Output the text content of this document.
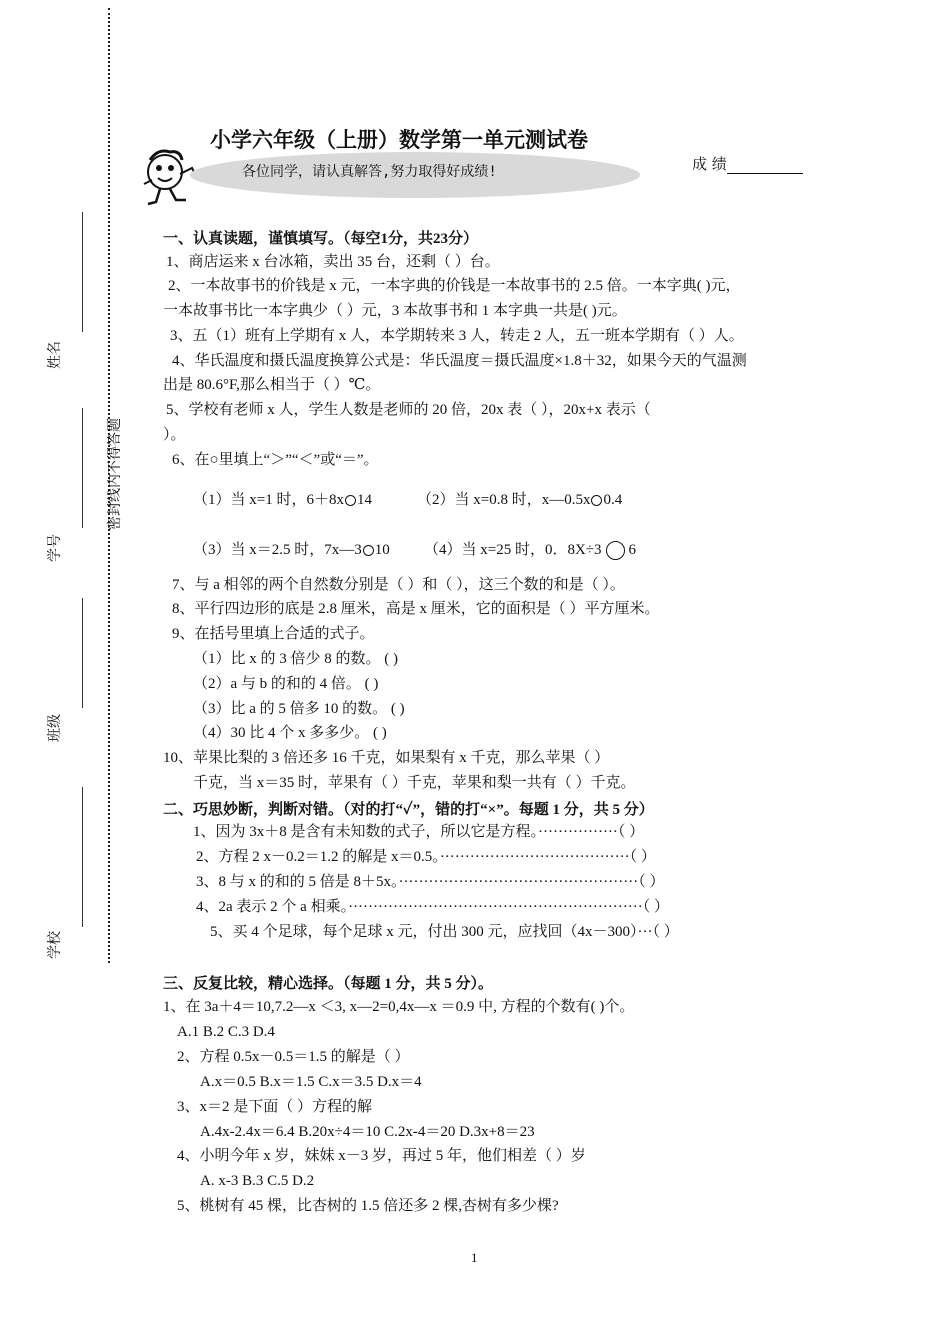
姓名
学号
班级
学校
密封线内不得答题
小学六年级（上册）数学第一单元测试卷
各位同学，请认真解答,努力取得好成绩!	成 绩
一、认真读题，谨慎填写。（每空1分，共23分）
1、商店运来 x 台冰箱，卖出 35 台，还剩（ ）台。
2、一本故事书的价钱是 x 元，一本字典的价钱是一本故事书的 2.5 倍。一本字典( )元，
一本故事书比一本字典少（ ）元，3 本故事书和 1 本字典一共是( )元。
3、五（1）班有上学期有 x 人，本学期转来 3 人，转走 2 人，五一班本学期有（ ）人。
4、华氏温度和摄氏温度换算公式是：华氏温度＝摄氏温度×1.8＋32，如果今天的气温测
出是 80.6°F,那么相当于（ ）℃。
5、学校有老师 x 人，学生人数是老师的 20 倍，20x 表（ ），20x+x 表示（
）。
6、在○里填上“＞”“＜”或“＝”。
（1）当 x=1 时，6＋8x 14	（2）当 x=0.8 时，x—0.5x 0.4
（3）当 x＝2.5 时，7x—3 10 （4）当 x=25 时，0．8X÷3 6
7、与 a 相邻的两个自然数分别是（ ）和（ ），这三个数的和是（ ）。
8、平行四边形的底是 2.8 厘米，高是 x 厘米，它的面积是（ ）平方厘米。
9、在括号里填上合适的式子。
（1）比 x 的 3 倍少 8 的数。 ( )
（2）a 与 b 的和的 4 倍。 ( )
（3）比 a 的 5 倍多 10 的数。 ( )
（4）30 比 4 个 x 多多少。 ( )
10、苹果比梨的 3 倍还多 16 千克，如果梨有 x 千克，那么苹果（ ）
千克，当 x＝35 时，苹果有（ ）千克，苹果和梨一共有（ ）千克。
二、巧思妙断，判断对错。（对的打“✓”，错的打“×”。每题 1 分，共 5 分）
1、因为 3x＋8 是含有未知数的式子，所以它是方程。················（ ）
2、方程 2 x－0.2＝1.2 的解是 x＝0.5。······································（ ）
3、8 与 x 的和的 5 倍是 8＋5x。················································（ ）
4、2a 表示 2 个 a 相乘。···························································（ ）
5、买 4 个足球，每个足球 x 元，付出 300 元，应找回（4x－300）···（ ）
三、反复比较，精心选择。（每题 1 分，共 5 分）。
1、在 3a＋4＝10,7.2—x ＜3, x—2=0,4x—x ＝0.9 中, 方程的个数有( )个。
A.1 B.2 C.3 D.4
2、方程 0.5x－0.5＝1.5 的解是（ ）
A.x＝0.5 B.x＝1.5 C.x＝3.5 D.x＝4
3、x＝2 是下面（ ）方程的解
A.4x-2.4x＝6.4 B.20x÷4＝10 C.2x-4＝20 D.3x+8＝23
4、小明今年 x 岁，妹妹 x－3 岁，再过 5 年，他们相差（ ）岁
A. x-3 B.3 C.5 D.2
5、桃树有 45 棵，比杏树的 1.5 倍还多 2 棵,杏树有多少棵?
1
